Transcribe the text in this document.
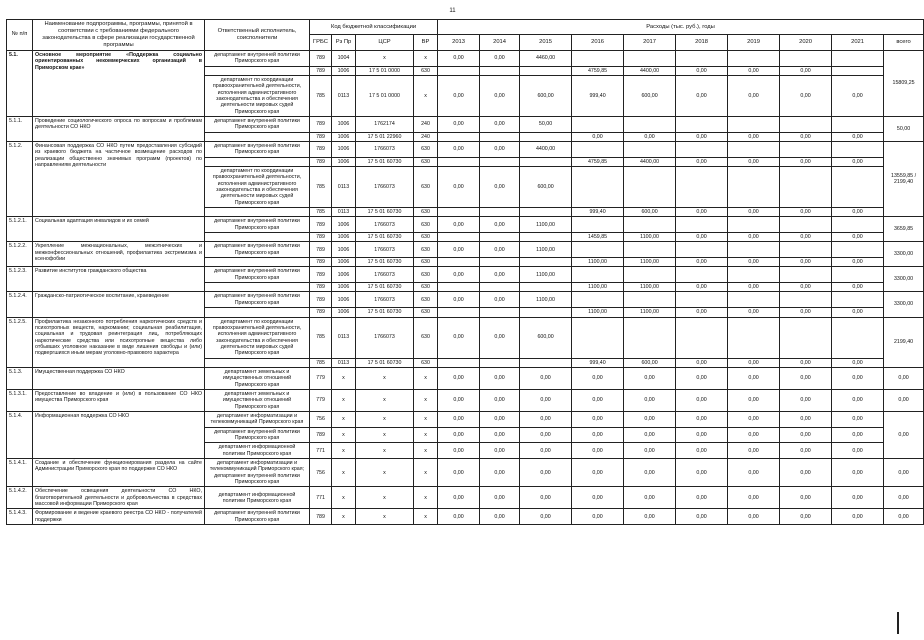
11
№ п/п	Наименование подпрограммы, программы, принятой в соответствии с требованиями федерального законодательства в сфере реализации государственной программы	Ответственный исполнитель, соисполнители	Код бюджетной классификации				Расходы (тыс. руб.), годы									
			ГРБС	Рз Пр	ЦСР	ВР	2013	2014	2015	2016	2017	2018	2019	2020	2021	всего
5.1.	Основное мероприятие «Поддержка социально ориентированных некоммерческих организаций в Приморском крае»	департамент внутренней политики Приморского края	789	1004	х	х	0,00	0,00	4460,00							15809,25
			789	1006	17 5 01 0000	630				4759,85	4400,00	0,00	0,00	0,00		
		департамент по координации правоохранительной деятельности, исполнения административного законодательства и обеспечения деятельности мировых судей Приморского края	785	0113	17 5 01 0000	х	0,00	0,00	600,00	999,40	600,00	0,00	0,00	0,00	0,00	
5.1.1.	Проведение социологического опроса по вопросам и проблемам деятельности СО НКО	департамент внутренней политики Приморского края	789	1006	1762174	240	0,00	0,00	50,00							50,00
			789	1006	17 5 01 22960	240				0,00	0,00	0,00	0,00	0,00	0,00	
5.1.2.	Финансовая поддержка СО НКО путем предоставления субсидий из краевого бюджета на частичное возмещение расходов по реализации общественно значимых программ (проектов) по направлениям деятельности	департамент внутренней политики Приморского края	789	1006	1766073	630	0,00	0,00	4400,00							13559,85 / 2199,40
			789	1006	17 5 01 60730	630				4759,85	4400,00	0,00	0,00	0,00	0,00	
		департамент по координации правоохранительной деятельности, исполнения административного законодательства и обеспечения деятельности мировых судей Приморского края	785	0113	1766073	630	0,00	0,00	600,00							
			785	0113	17 5 01 60730	630				999,40	600,00	0,00	0,00	0,00	0,00	
5.1.2.1.	Социальная адаптация инвалидов и их семей	департамент внутренней политики Приморского края	789	1006	1766073	630	0,00	0,00	1100,00							3659,85
			789	1006	17 5 01 60730	630				1459,85	1100,00	0,00	0,00	0,00	0,00	
5.1.2.2.	Укрепление межнациональных, межэтнических и межконфессиональных отношений, профилактика экстремизма и ксенофобии	департамент внутренней политики Приморского края	789	1006	1766073	630	0,00	0,00	1100,00							3300,00
			789	1006	17 5 01 60730	630				1100,00	1100,00	0,00	0,00	0,00	0,00	
5.1.2.3.	Развитие институтов гражданского общества	департамент внутренней политики Приморского края	789	1006	1766073	630	0,00	0,00	1100,00							3300,00
			789	1006	17 5 01 60730	630				1100,00	1100,00	0,00	0,00	0,00	0,00	
5.1.2.4.	Гражданско-патриотическое воспитание, краеведение	департамент внутренней политики Приморского края	789	1006	1766073	630	0,00	0,00	1100,00							3300,00
			789	1006	17 5 01 60730	630				1100,00	1100,00	0,00	0,00	0,00	0,00	
5.1.2.5.	Профилактика незаконного потребления наркотических средств и психотропных веществ, наркомании; социальная реабилитация, социальная и трудовая реинтеграция лиц, потребляющих наркотические средства или психотропные вещества либо отбывших уголовное наказание в виде лишения свободы и (или) подвергшихся иным мерам уголовно-правового характера	департамент по координации правоохранительной деятельности, исполнения административного законодательства и обеспечения деятельности мировых судей Приморского края	785	0113	1766073	630	0,00	0,00	600,00							2199,40
			785	0113	17 5 01 60730	630				999,40	600,00	0,00	0,00	0,00	0,00	
5.1.3.	Имущественная поддержка СО НКО	департамент земельных и имущественных отношений Приморского края	779	х	х	х	0,00	0,00	0,00	0,00	0,00	0,00	0,00	0,00	0,00	0,00
5.1.3.1.	Предоставление во владение и (или) в пользование СО НКО имущества Приморского края	департамент земельных и имущественных отношений Приморского края	779	х	х	х	0,00	0,00	0,00	0,00	0,00	0,00	0,00	0,00	0,00	0,00
5.1.4.	Информационная поддержка СО НКО	департамент информатизации и телекоммуникаций Приморского края	756	х	х	х	0,00	0,00	0,00	0,00	0,00	0,00	0,00	0,00	0,00	0,00
		департамент внутренней политики Приморского края	789	х	х	х	0,00	0,00	0,00	0,00	0,00	0,00	0,00	0,00	0,00	
		департамент информационной политики Приморского края	771	х	х	х	0,00	0,00	0,00	0,00	0,00	0,00	0,00	0,00	0,00	
5.1.4.1.	Создание и обеспечение функционирования раздела на сайте Администрации Приморского края по поддержке СО НКО	департамент информатизации и телекоммуникаций Приморского края; департамент внутренней политики Приморского края	756	х	х	х	0,00	0,00	0,00	0,00	0,00	0,00	0,00	0,00	0,00	0,00
5.1.4.2.	Обеспечение освещения деятельности СО НКО, благотворительной деятельности и добровольчества в средствах массовой информации Приморского края	департамент информационной политики Приморского края	771	х	х	х	0,00	0,00	0,00	0,00	0,00	0,00	0,00	0,00	0,00	0,00
5.1.4.3.	Формирование и ведение краевого реестра СО НКО - получателей поддержки	департамент внутренней политики Приморского края	789	х	х	х	0,00	0,00	0,00	0,00	0,00	0,00	0,00	0,00	0,00	0,00
